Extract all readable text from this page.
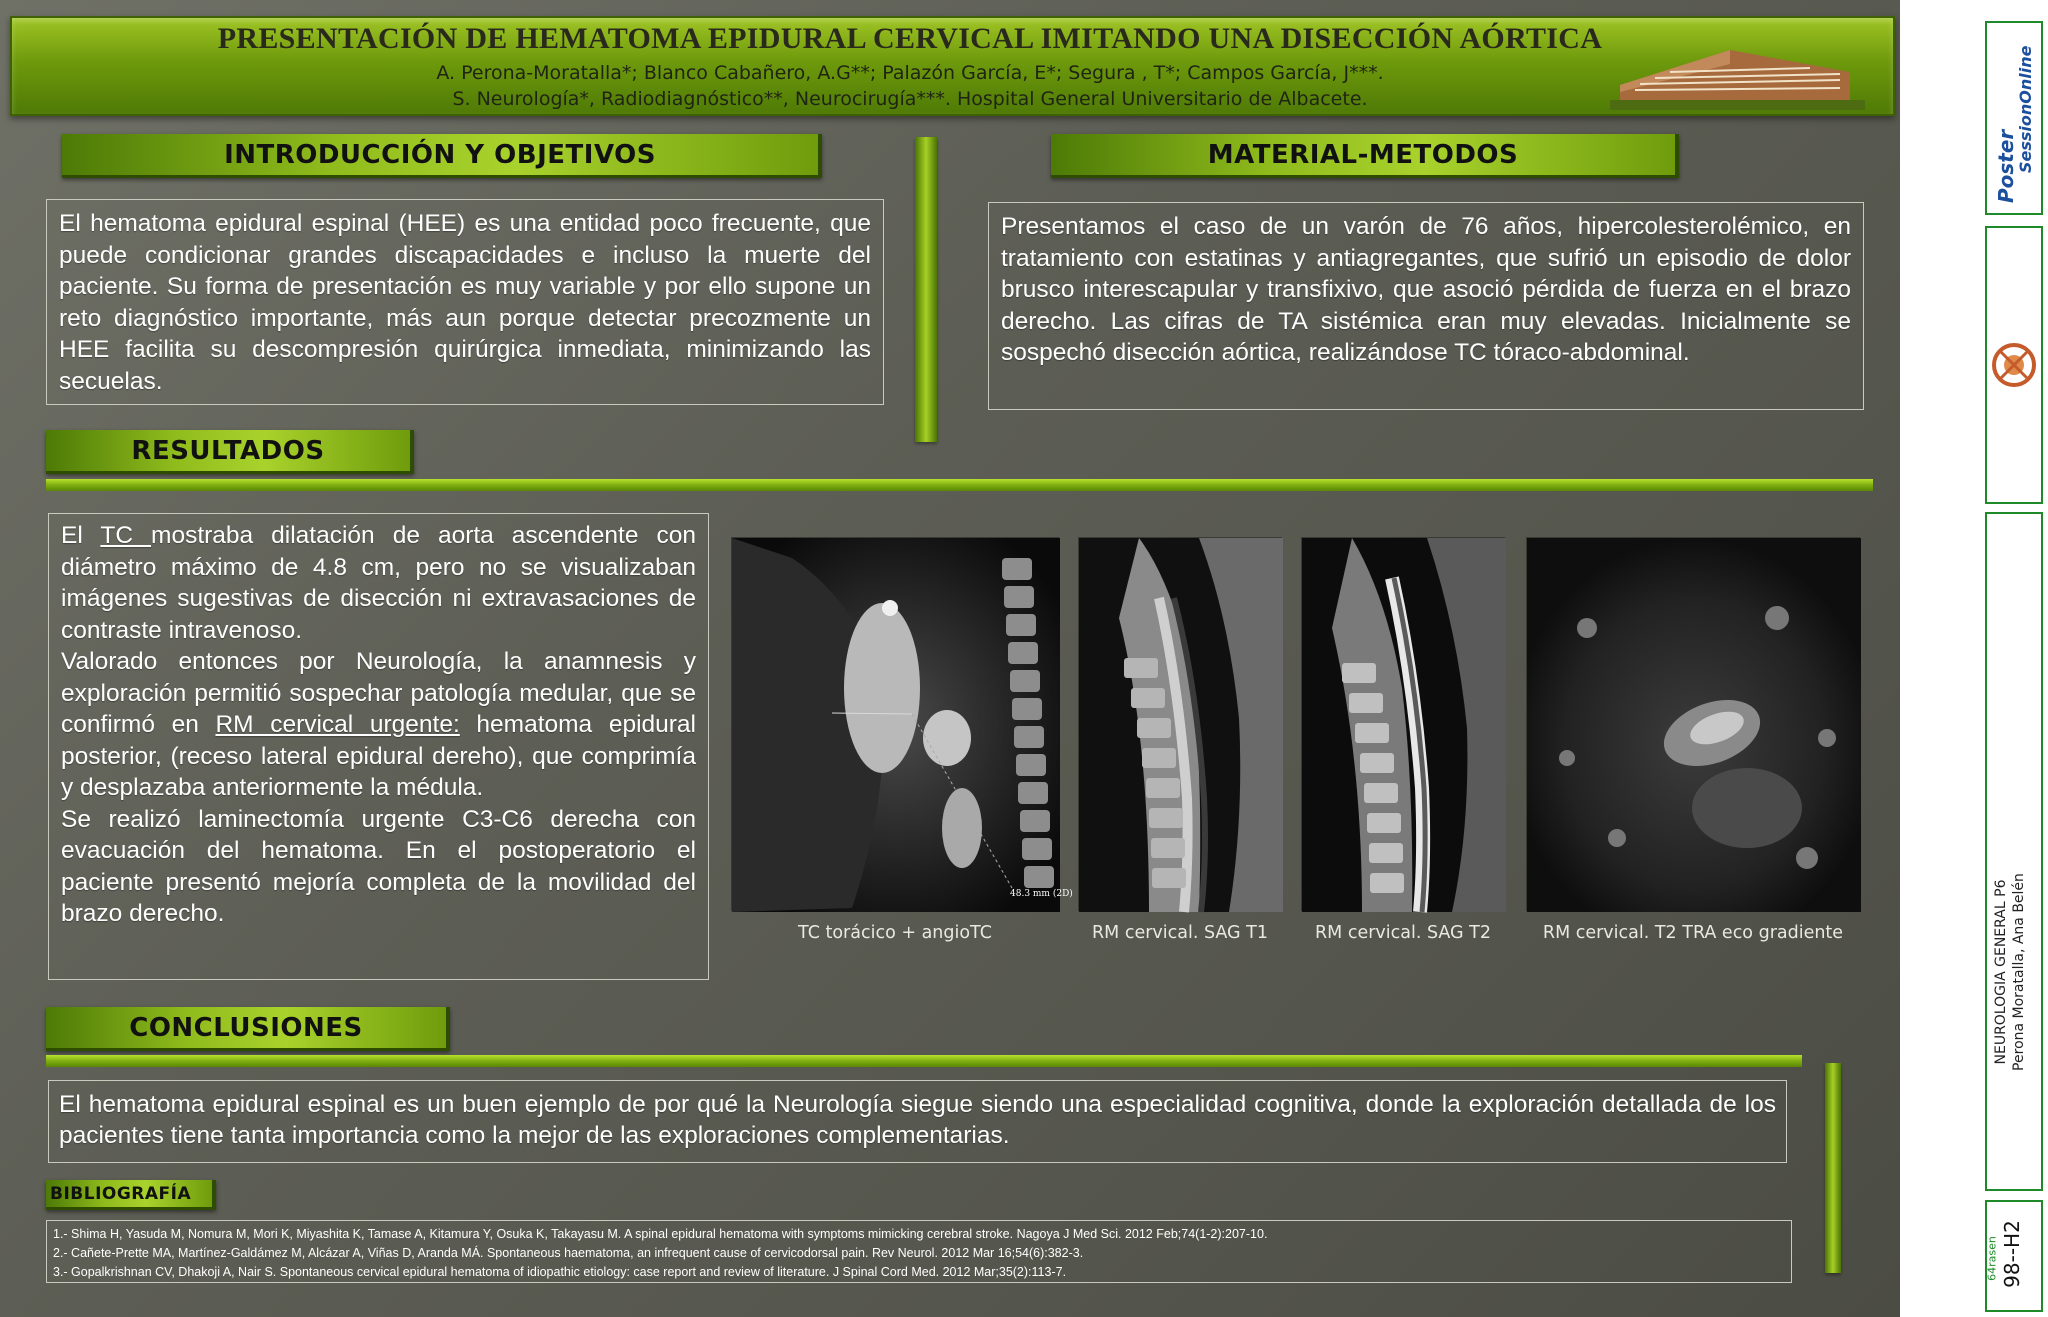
PRESENTACIÓN DE HEMATOMA EPIDURAL CERVICAL IMITANDO UNA DISECCIÓN AÓRTICA
A. Perona-Moratalla*; Blanco Cabañero, A.G**; Palazón García, E*; Segura , T*; Campos García, J***.
S. Neurología*, Radiodiagnóstico**, Neurocirugía***. Hospital General Universitario de Albacete.
INTRODUCCIÓN Y OBJETIVOS
El hematoma epidural espinal (HEE) es una entidad poco frecuente, que puede condicionar grandes discapacidades e incluso la muerte del paciente. Su forma de presentación es muy variable y por ello supone un reto diagnóstico importante, más aun porque detectar precozmente un HEE facilita su descompresión quirúrgica inmediata, minimizando las secuelas.
MATERIAL-METODOS
Presentamos el caso de un varón de 76 años, hipercolesterolémico, en tratamiento con estatinas y antiagregantes, que sufrió un episodio de dolor brusco interescapular y transfixivo, que asoció pérdida de fuerza en el brazo derecho. Las cifras de TA sistémica eran muy elevadas. Inicialmente se sospechó disección aórtica, realizándose TC tóraco-abdominal.
RESULTADOS
El TC mostraba dilatación de aorta ascendente con diámetro máximo de 4.8 cm, pero no se visualizaban imágenes sugestivas de disección ni extravasaciones de contraste intravenoso.
Valorado entonces por Neurología, la anamnesis y exploración permitió sospechar patología medular, que se confirmó en RM cervical urgente: hematoma epidural posterior, (receso lateral epidural dereho), que comprimía y desplazaba anteriormente la médula.
Se realizó laminectomía urgente C3-C6 derecha con evacuación del hematoma. En el postoperatorio el paciente presentó mejoría completa de la movilidad del brazo derecho.
48.3 mm (2D)
TC torácico + angioTC	RM cervical. SAG T1	RM cervical. SAG T2	RM cervical. T2 TRA eco gradiente
CONCLUSIONES
El hematoma epidural espinal es un buen ejemplo de por qué la Neurología siegue siendo una especialidad cognitiva, donde la exploración detallada de los pacientes tiene tanta importancia como la mejor de las exploraciones complementarias.
BIBLIOGRAFÍA
1.- Shima H, Yasuda M, Nomura M, Mori K, Miyashita K, Tamase A, Kitamura Y, Osuka K, Takayasu M. A spinal epidural hematoma with symptoms mimicking cerebral stroke. Nagoya J Med Sci. 2012 Feb;74(1-2):207-10.
2.- Cañete-Prette MA, Martínez-Galdámez M, Alcázar A, Viñas D, Aranda MÁ. Spontaneous haematoma, an infrequent cause of cervicodorsal pain. Rev Neurol. 2012 Mar 16;54(6):382-3.
3.- Gopalkrishnan CV, Dhakoji A, Nair S. Spontaneous cervical epidural hematoma of idiopathic etiology: case report and review of literature. J Spinal Cord Med. 2012 Mar;35(2):113-7.
Poster
SessionOnline
NEUROLOGIA GENERAL P6 Perona Moratalla, Ana Belén
98--H2
64rasen
